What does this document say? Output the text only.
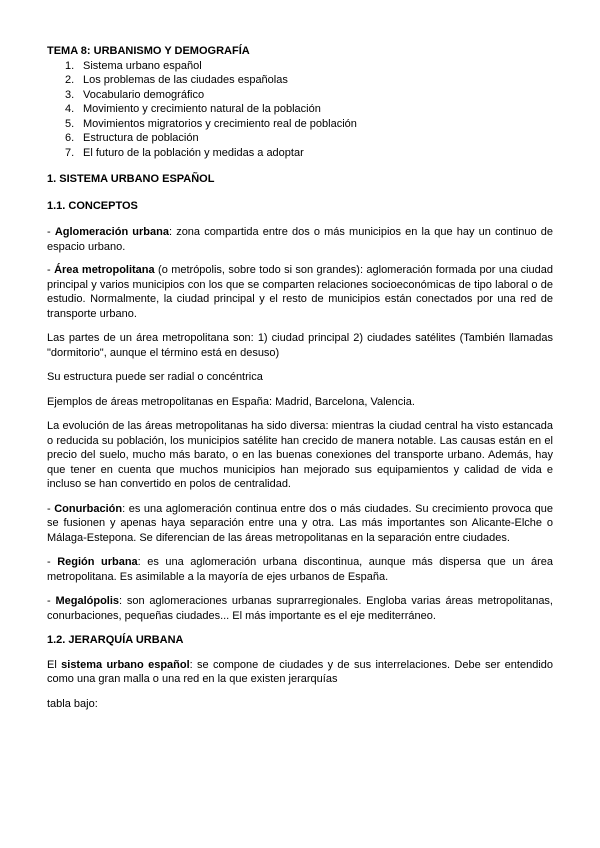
TEMA 8: URBANISMO Y DEMOGRAFÍA
1. Sistema urbano español
2. Los problemas de las ciudades españolas
3. Vocabulario demográfico
4. Movimiento y crecimiento natural de la población
5. Movimientos migratorios y crecimiento real de población
6. Estructura de población
7. El futuro de la población y medidas a adoptar
1. SISTEMA URBANO ESPAÑOL
1.1. CONCEPTOS

- Aglomeración urbana: zona compartida entre dos o más municipios en la que hay un continuo de espacio urbano.

- Área metropolitana (o metrópolis, sobre todo si son grandes): aglomeración formada por una ciudad principal y varios municipios con los que se comparten relaciones socioeconómicas de tipo laboral o de estudio. Normalmente, la ciudad principal y el resto de municipios están conectados por una red de transporte urbano.

Las partes de un área metropolitana son: 1) ciudad principal 2) ciudades satélites (También llamadas "dormitorio", aunque el término está en desuso)

Su estructura puede ser radial o concéntrica

Ejemplos de áreas metropolitanas en España: Madrid, Barcelona, Valencia.

La evolución de las áreas metropolitanas ha sido diversa: mientras la ciudad central ha visto estancada o reducida su población, los municipios satélite han crecido de manera notable. Las causas están en el precio del suelo, mucho más barato, o en las buenas conexiones del transporte urbano. Además, hay que tener en cuenta que muchos municipios han mejorado sus equipamientos y calidad de vida e incluso se han convertido en polos de centralidad.

- Conurbación: es una aglomeración continua entre dos o más ciudades. Su crecimiento provoca que se fusionen y apenas haya separación entre una y otra. Las más importantes son Alicante-Elche o Málaga-Estepona. Se diferencian de las áreas metropolitanas en la separación entre ciudades.

- Región urbana: es una aglomeración urbana discontinua, aunque más dispersa que un área metropolitana. Es asimilable a la mayoría de ejes urbanos de España.

- Megalópolis: son aglomeraciones urbanas suprarregionales. Engloba varias áreas metropolitanas, conurbaciones, pequeñas ciudades... El más importante es el eje mediterráneo.

1.2. JERARQUÍA URBANA

El sistema urbano español: se compone de ciudades y de sus interrelaciones. Debe ser entendido como una gran malla o una red en la que existen jerarquías

tabla bajo:
